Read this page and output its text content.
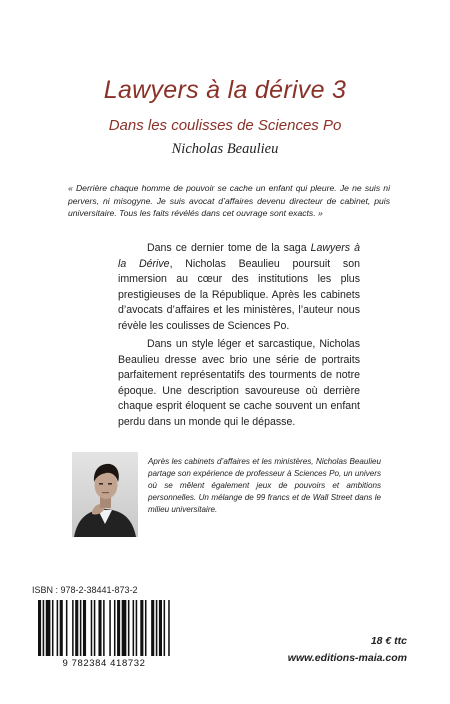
Lawyers à la dérive 3
Dans les coulisses de Sciences Po
Nicholas Beaulieu
« Derrière chaque homme de pouvoir se cache un enfant qui pleure. Je ne suis ni pervers, ni misogyne. Je suis avocat d’affaires devenu directeur de cabinet, puis universitaire. Tous les faits révélés dans cet ouvrage sont exacts. »

Dans ce dernier tome de la saga Lawyers à la Dérive, Nicholas Beaulieu poursuit son immersion au cœur des institutions les plus prestigieuses de la République. Après les cabinets d’avocats d’affaires et les ministères, l’auteur nous révèle les coulisses de Sciences Po.

Dans un style léger et sarcastique, Nicholas Beaulieu dresse avec brio une série de portraits parfaitement représentatifs des tourments de notre époque. Une description savoureuse où derrière chaque esprit éloquent se cache souvent un enfant perdu dans un monde qui le dépasse.

Après les cabinets d’affaires et les ministères, Nicholas Beaulieu partage son expérience de professeur à Sciences Po, un univers où se mêlent également jeux de pouvoirs et ambitions personnelles. Un mélange de 99 francs et de Wall Street dans le milieu universitaire.
ISBN : 978-2-38441-873-2
9 782384 418732
18 € ttc
www.editions-maia.com
